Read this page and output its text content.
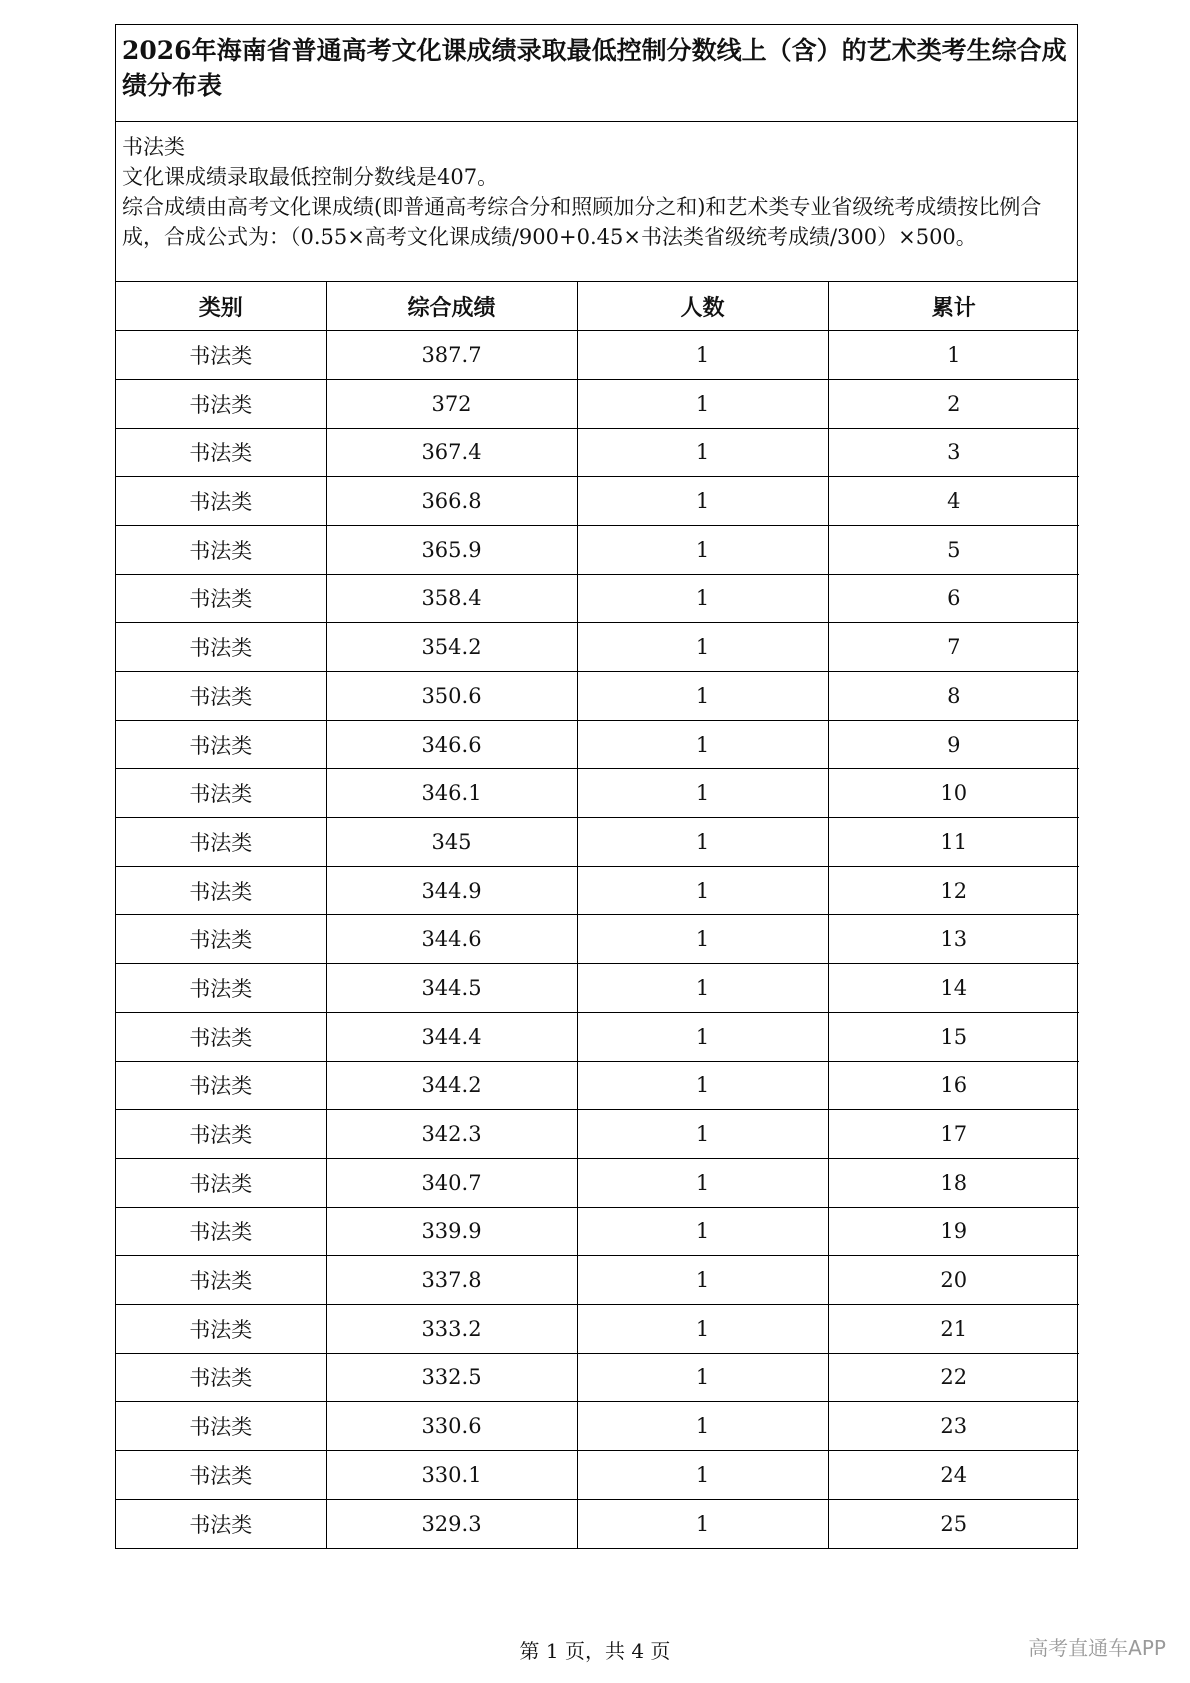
2026年海南省普通高考文化课成绩录取最低控制分数线上（含）的艺术类考生综合成绩分布表
书法类
文化课成绩录取最低控制分数线是407。
综合成绩由高考文化课成绩(即普通高考综合分和照顾加分之和)和艺术类专业省级统考成绩按比例合成，合成公式为：（0.55×高考文化课成绩/900+0.45×书法类省级统考成绩/300）×500。
类别	综合成绩	人数	累计
书法类	387.7	1	1
书法类	372	1	2
书法类	367.4	1	3
书法类	366.8	1	4
书法类	365.9	1	5
书法类	358.4	1	6
书法类	354.2	1	7
书法类	350.6	1	8
书法类	346.6	1	9
书法类	346.1	1	10
书法类	345	1	11
书法类	344.9	1	12
书法类	344.6	1	13
书法类	344.5	1	14
书法类	344.4	1	15
书法类	344.2	1	16
书法类	342.3	1	17
书法类	340.7	1	18
书法类	339.9	1	19
书法类	337.8	1	20
书法类	333.2	1	21
书法类	332.5	1	22
书法类	330.6	1	23
书法类	330.1	1	24
书法类	329.3	1	25
第 1 页，共 4 页	高考直通车APP
